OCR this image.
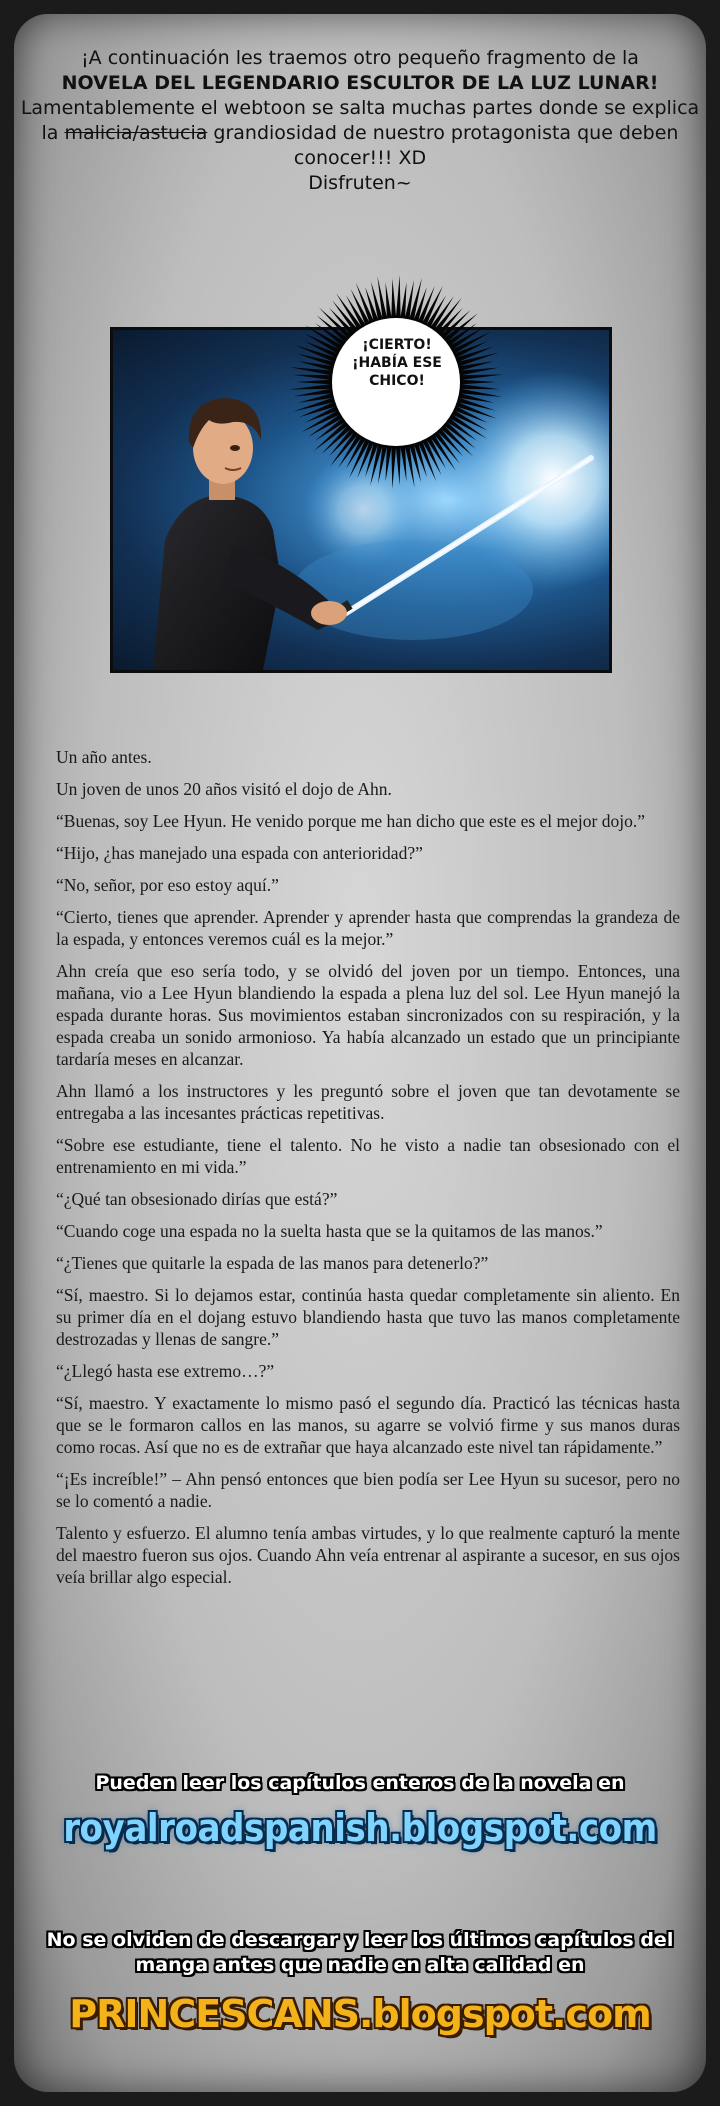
¡A continuación les traemos otro pequeño fragmento de la

NOVELA DEL LEGENDARIO ESCULTOR DE LA LUZ LUNAR!

Lamentablemente el webtoon se salta muchas partes donde se explica

la malicia/astucia grandiosidad de nuestro protagonista que deben

conocer!!! XD

Disfruten~

¡CIERTO! ¡HABÍA ESE CHICO!

Un año antes.

Un joven de unos 20 años visitó el dojo de Ahn.

“Buenas, soy Lee Hyun. He venido porque me han dicho que este es el mejor dojo.”

“Hijo, ¿has manejado una espada con anterioridad?”

“No, señor, por eso estoy aquí.”

“Cierto, tienes que aprender. Aprender y aprender hasta que comprendas la grandeza de la espada, y entonces veremos cuál es la mejor.”

Ahn creía que eso sería todo, y se olvidó del joven por un tiempo. Entonces, una mañana, vio a Lee Hyun blandiendo la espada a plena luz del sol. Lee Hyun manejó la espada durante horas. Sus movimientos estaban sincronizados con su respiración, y la espada creaba un sonido armonioso. Ya había alcanzado un estado que un principiante tardaría meses en alcanzar.

Ahn llamó a los instructores y les preguntó sobre el joven que tan devotamente se entregaba a las incesantes prácticas repetitivas.

“Sobre ese estudiante, tiene el talento. No he visto a nadie tan obsesionado con el entrenamiento en mi vida.”

“¿Qué tan obsesionado dirías que está?”

“Cuando coge una espada no la suelta hasta que se la quitamos de las manos.”

“¿Tienes que quitarle la espada de las manos para detenerlo?”

“Sí, maestro. Si lo dejamos estar, continúa hasta quedar completamente sin aliento. En su primer día en el dojang estuvo blandiendo hasta que tuvo las manos completamente destrozadas y llenas de sangre.”

“¿Llegó hasta ese extremo…?”

“Sí, maestro. Y exactamente lo mismo pasó el segundo día. Practicó las técnicas hasta que se le formaron callos en las manos, su agarre se volvió firme y sus manos duras como rocas. Así que no es de extrañar que haya alcanzado este nivel tan rápidamente.”

“¡Es increíble!” – Ahn pensó entonces que bien podía ser Lee Hyun su sucesor, pero no se lo comentó a nadie.

Talento y esfuerzo. El alumno tenía ambas virtudes, y lo que realmente capturó la mente del maestro fueron sus ojos. Cuando Ahn veía entrenar al aspirante a sucesor, en sus ojos veía brillar algo especial.

Pueden leer los capítulos enteros de la novela en
royalroadspanish.blogspot.com

No se olviden de descargar y leer los últimos capítulos del

manga antes que nadie en alta calidad en

PRINCESCANS.blogspot.com
